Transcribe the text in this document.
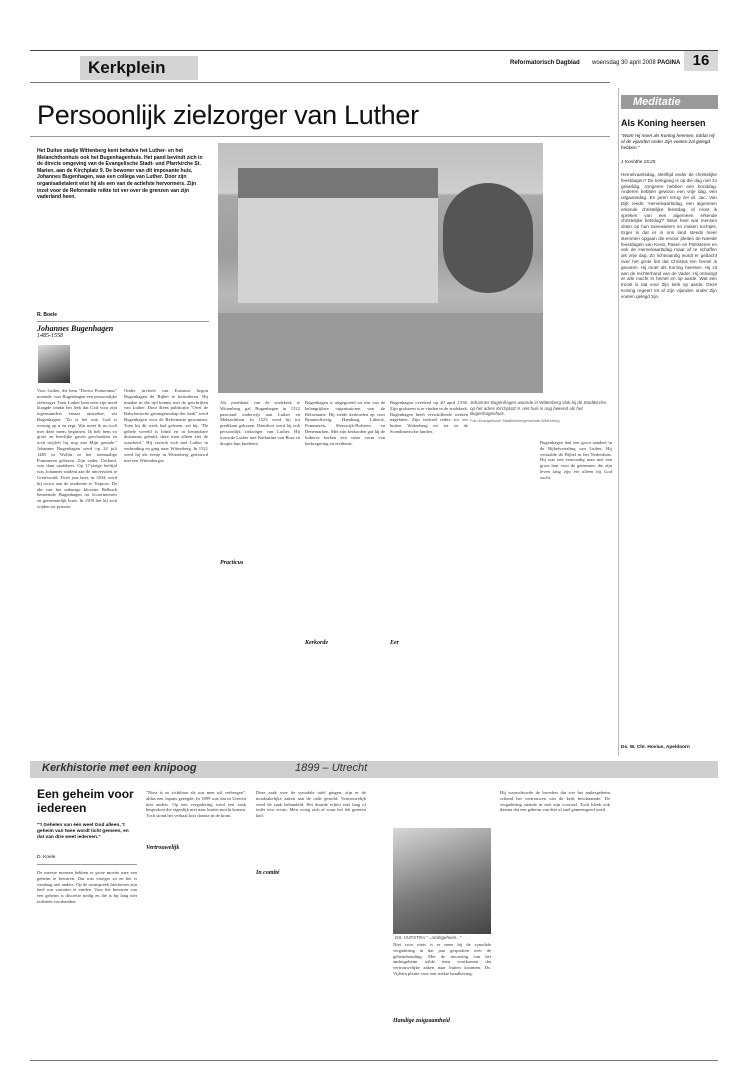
Kerkplein	Reformatorisch Dagblad woensdag 30 april 2008 PAGINA 16
Persoonlijk zielzorger van Luther
Het Duitse stadje Wittenberg kent behalve het Luther- en het Melanchthonhuis ook het Bugenhagenhuis. Het pand bevindt zich in de directe omgeving van de Evangelische Stadt- und Pfarrkirche St. Marien, aan de Kirchplatz 9. De bewoner van dit imposante huis, Johannes Bugenhagen, was een collega van Luther. Door zijn organisatietalent wist hij als een van de actiefste hervormers. Zijn inzet voor de Reformatie reikte tot ver over de grenzen van zijn vaderland heen.
R. Boele
Johannes Bugenhagen
1485-1558
Voor Luther, die hem "Doctor Pomeranus" noemde, was Bugenhagen een persoonlijke zielzorger. Toen Luther hem eens zijn nood klaagde omdat het leek dat God voor zijn tegenstanders ernaar uitstrekte, zei Bugenhagen: "Zo is het ook. God is toornig op u en zegt: Wat moet ik nu toch met deze mens beginnen. Ik heb hem zo grote en heerlijke gaven geschonken en toch twijfelt hij nog aan Mijn genade." Johannes Bugenhagen werd op 24 juli 1485 in Wollin in het toenmalige Pommeren geboren. Zijn vader, Gerhard, was daar raadsheer. Op 17-jarige leeftijd was Johannes student aan de universiteit te Greifswald. Twee jaar later, in 1504, werd hij rector aan de academie te Treptow. De abt van het naburige klooster Belbuck benoemde Bugenhagen tot lectormeester en gemeentelijk lezer. In 1509 liet hij zich wijden tot priester.
Onder invloed van Erasmus begon Bugenhagen de Bijbel te bestuderen. Hij maakte in die tijd kennis met de geschriften van Luther. Door diens publicatie "Over de Babylonische gevangenschap der kerk" werd Bugenhagen voor de Reformatie gewonnen. Toen hij dit werk had gelezen, zei hij: "De gehele wereld is blind en in kennisbare duisternis gehuld; deze man alleen ziet de waarheid." Hij vertrok zich met Luther in verbinding en ging naar Wittenberg. In 1521 werd hij als eerste in Wittenberg getrouwd met een Wittenbergse.
Johannes Bugenhagen woonde in Wittenberg vlak bij de Stadtkirche, op het adres Kirchplatz 9. Het huis is nog bekend als het Bugenhagenhuis.
Foto Evangelische Stadtkirchengemeinde Wittenberg
Als predikant van de stadskerk te Wittenberg gaf Bugenhagen in 1522 pastoraal onderwijs aan Luther en Melanchthon. In 1523 werd hij tot predikant gekozen. Daardoor werd hij ook persoonlijk zielzorger van Luther. Hij trouwde Luther met Katharina von Bora en doopte hun kinderen.
Bugenhagen is uitgegroeid tot een van de belangrijkste organisatoren van de Reformatie. Hij stelde kerkorden op voor Braunschweig, Hamburg, Lübeck, Pommeren, Sleeswijk-Holstein en Denemarken. Met zijn kerkorden gaf hij de lutherse kerken een vaste vorm van kerkregering en eredienst.
Bugenhagen overleed op 20 april 1558. Zijn grafsteen is te vinden in de stadskerk. Bugenhagen heeft verschillende werken nagelaten. Zijn invloed reikte tot ver buiten Wittenberg en tot in de Scandinavische landen.
Bugenhagen had een groot aandeel in de Bijbelvertaling van Luther. Hij vertaalde de Bijbel in het Nederduits. Hij was een eenvoudig man met een groot hart voor de gemeente, die zijn leven lang zijn eer alleen bij God zocht.
Practicus
Kerkorde	Eer
Meditatie
Als Koning heersen
"Want Hij moet als Koning heersen, totdat Hij al de vijanden onder Zijn voeten zal gelegd hebben."
1 Korinthe 15:25
Hemelvaartsdag, sleeftijd onder de christelijke feestdagen? De kerkgang is op die dag niet zo geweldig. Jongeren hebben een bonddag. Anderen hebben gewoon een vrije dag, een uitgaansdag. En jaren terug zei dr. Jac. Van Dijk reeds: 'Hemelvaartsdag, een algemeen erkende christelijke feestdag, of moet ik spreken van een algemeen erkende christelijke fietsdag?' Want heel wat mensen zitten op hun tweewielers en maken tochtjes. Erger is dat er in ons land steeds meer stemmen opgaan die ervoor pleiten de tweede feestdagen van Kerst, Pasen en Pinksteren en ook de Hemelvaartsdag maar af te schaffen als vrije dag. Zo lichtvaardig wordt er gedacht over het grote feit dat Christus ten hemel is gevaren. Hij moet als Koning heersen. Hij zit aan de rechterhand van de Vader. Hij ontvangt er alle macht in hemel en op aarde. Wat een troost is dat voor Zijn kerk op aarde. Deze Koning regeert tot al Zijn vijanden onder Zijn voeten gelegd zijn.
Ds. W. Chr. Hovius, Apeldoorn
Kerkhistorie met een knipoog	1899 – Utrecht
Een geheim voor iedereen
"'t Gehelen van één weet God alleen, 't geheim van twee wordt licht gemeen, en dat van drie weet iedereen."
D. Koele
De meeste mensen hebben er grote moeite mee een geheim te bewaren. Dat was vroeger zo en het is vandaag niet anders. Op de ruimspreek hierboven zijn heel wat variaties te vinden. Voor het bewaren van een geheim is discretie nodig en die is bij lang niet iedereen voorhanden.
"Niets is zo zichtbaar als wat men wil verbergen", aldus een Japans gezegde. In 1899 was dat in Utrecht niet anders. Op een vergadering werd een zaak besproken die eigenlijk niet naar buiten mocht komen. Toch stond het verhaal kort daarna in de krant.
Deze zaak over de synodale tafel gingen, zijn er de noodzakelijke zaken aan de orde gesteld. Vertrouwelijk werd de zaak behandeld. Het duurde echter niet lang of ieder wist ervan. Men vroeg zich af waar het lek gezeten had.
Niet voor niets is er meer bij de synodale vergadering in dat jaar gesproken over de geheimhouding. Met de invoering van het ambtsgeheim wilde men voorkomen dat vertrouwelijke zaken naar buiten kwamen. Ds. Vijfstra pleitte voor een strikte handhaving.
Hij waarschuwde de broeders dat wie het ambtsgeheim schond het vertrouwen van de kerk beschaamde. De vergadering stemde in met zijn voorstel. Toch bleek ook daarna dat een geheim van drie al snel gemeengoed werd.
Vertrouwelijk
In comité
Handige zuigzaamheid
DS. VIJFSTRA "...ambtgeheim..."
